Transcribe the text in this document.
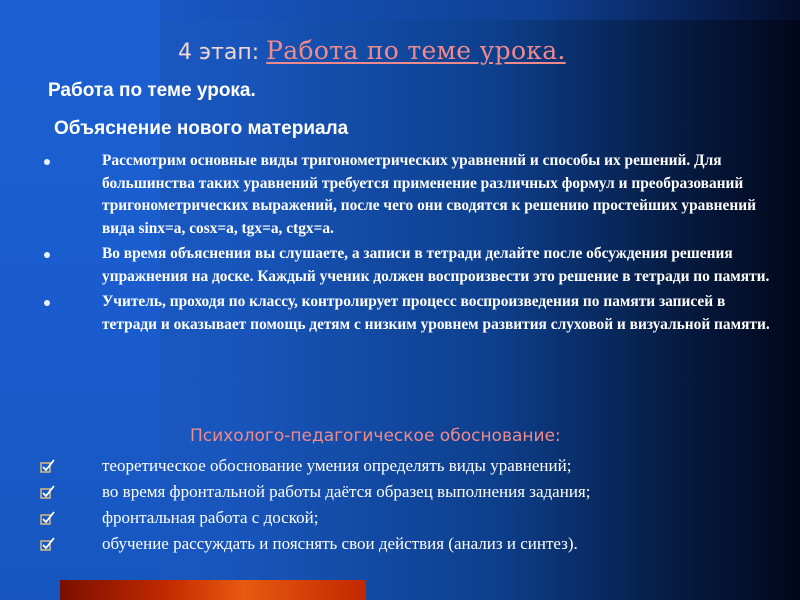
4 этап: Работа по теме урока.
Работа по теме урока.
Объяснение нового материала
Рассмотрим основные виды тригонометрических уравнений и способы их решений. Для большинства таких уравнений требуется применение различных формул и преобразований тригонометрических выражений, после чего они сводятся к решению простейших уравнений вида sinx=a, cosx=a, tgx=a, ctgx=a.
Во время объяснения вы слушаете, а записи в тетради делайте после обсуждения решения упражнения на доске. Каждый ученик должен воспроизвести это решение в тетради по памяти.
Учитель, проходя по классу, контролирует процесс воспроизведения по памяти записей в тетради и оказывает помощь детям с низким уровнем развития слуховой и визуальной памяти.
Психолого-педагогическое обоснование:
теоретическое обоснование умения определять виды уравнений;
во время фронтальной работы даётся образец выполнения задания;
фронтальная работа с доской;
обучение рассуждать и пояснять свои действия (анализ и синтез).
